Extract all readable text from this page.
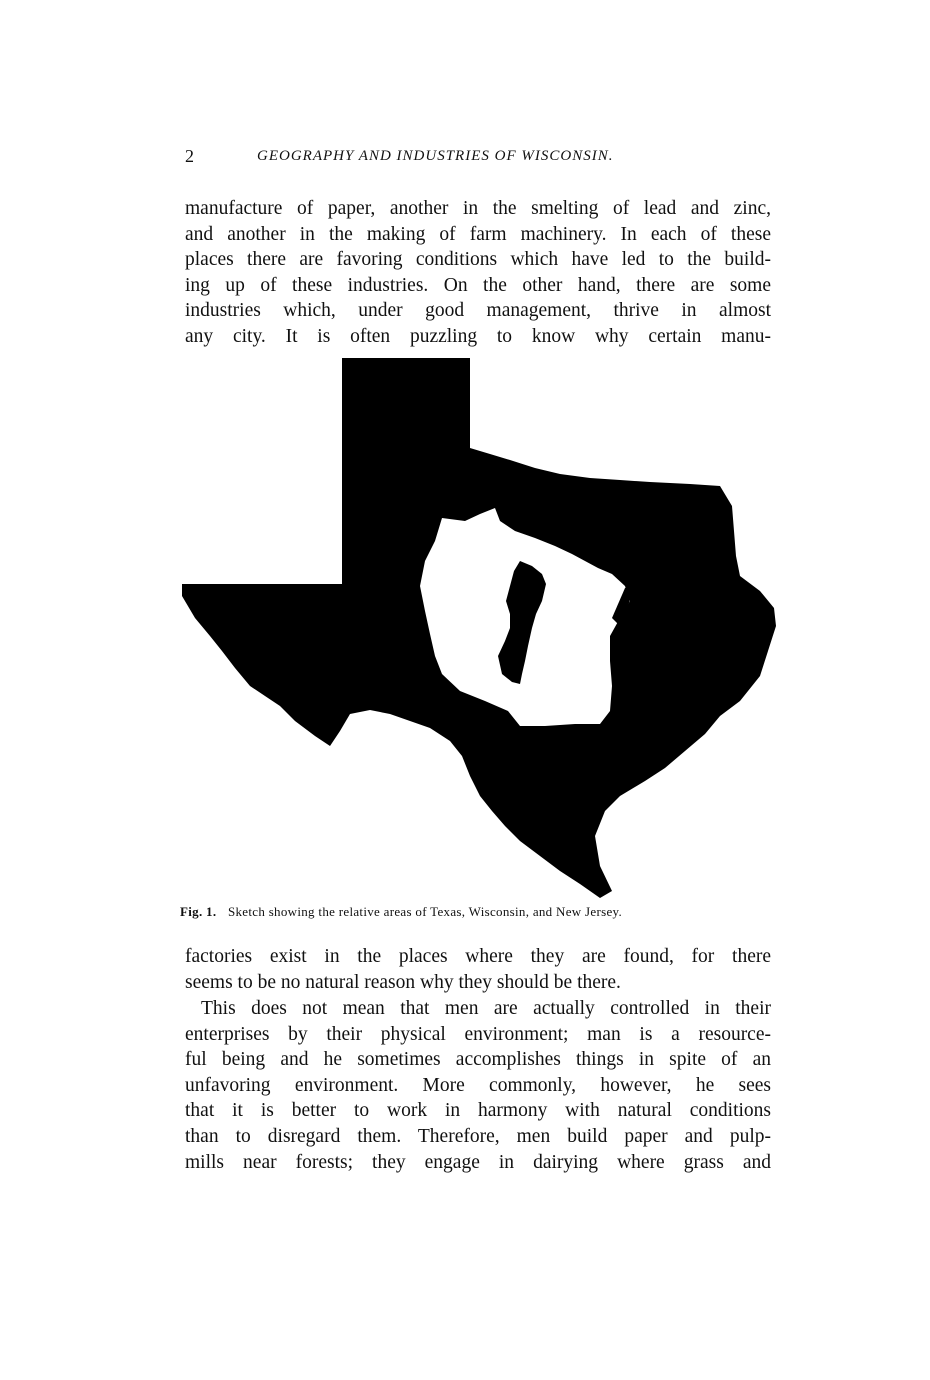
2	GEOGRAPHY AND INDUSTRIES OF WISCONSIN.
manufacture of paper, another in the smelting of lead and zinc,
and another in the making of farm machinery. In each of these
places there are favoring conditions which have led to the build-
ing up of these industries. On the other hand, there are some
industries which, under good management, thrive in almost
any city. It is often puzzling to know why certain manu-
Fig. 1. Sketch showing the relative areas of Texas, Wisconsin, and New Jersey.
factories exist in the places where they are found, for there
seems to be no natural reason why they should be there.
This does not mean that men are actually controlled in their
enterprises by their physical environment; man is a resource-
ful being and he sometimes accomplishes things in spite of an
unfavoring environment. More commonly, however, he sees
that it is better to work in harmony with natural conditions
than to disregard them. Therefore, men build paper and pulp-
mills near forests; they engage in dairying where grass and
